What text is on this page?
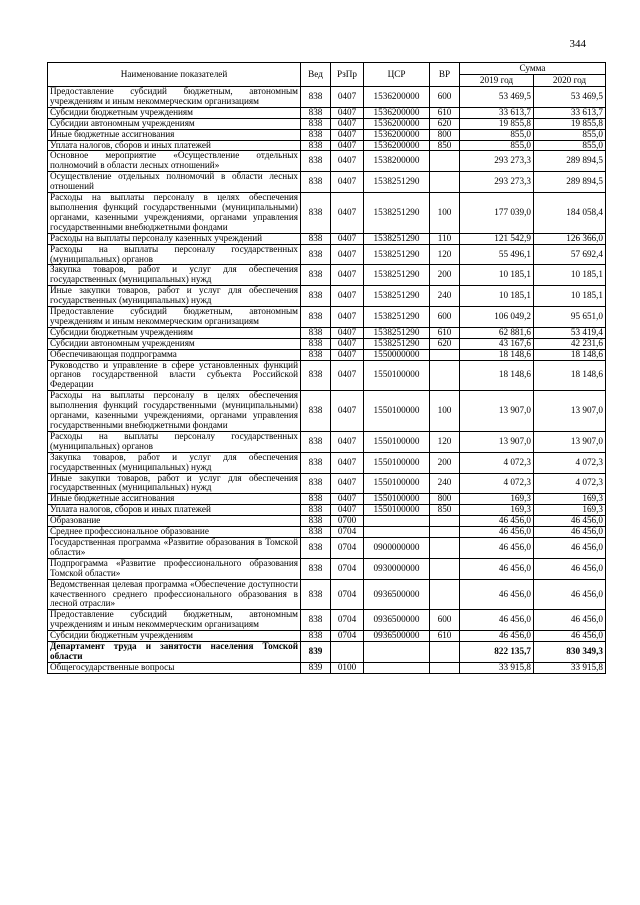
344
Наименование показателей	Вед	РзПр	ЦСР	ВР	Сумма	
					2019 год	2020 год
Предоставление субсидий бюджетным, автономным учреждениям и иным некоммерческим организациям	838	0407	1536200000	600	53 469,5	53 469,5
Субсидии бюджетным учреждениям	838	0407	1536200000	610	33 613,7	33 613,7
Субсидии автономным учреждениям	838	0407	1536200000	620	19 855,8	19 855,8
Иные бюджетные ассигнования	838	0407	1536200000	800	855,0	855,0
Уплата налогов, сборов и иных платежей	838	0407	1536200000	850	855,0	855,0
Основное мероприятие «Осуществление отдельных полномочий в области лесных отношений»	838	0407	1538200000		293 273,3	289 894,5
Осуществление отдельных полномочий в области лесных отношений	838	0407	1538251290		293 273,3	289 894,5
Расходы на выплаты персоналу в целях обеспечения выполнения функций государственными (муниципальными) органами, казенными учреждениями, органами управления государственными внебюджетными фондами	838	0407	1538251290	100	177 039,0	184 058,4
Расходы на выплаты персоналу казенных учреждений	838	0407	1538251290	110	121 542,9	126 366,0
Расходы на выплаты персоналу государственных (муниципальных) органов	838	0407	1538251290	120	55 496,1	57 692,4
Закупка товаров, работ и услуг для обеспечения государственных (муниципальных) нужд	838	0407	1538251290	200	10 185,1	10 185,1
Иные закупки товаров, работ и услуг для обеспечения государственных (муниципальных) нужд	838	0407	1538251290	240	10 185,1	10 185,1
Предоставление субсидий бюджетным, автономным учреждениям и иным некоммерческим организациям	838	0407	1538251290	600	106 049,2	95 651,0
Субсидии бюджетным учреждениям	838	0407	1538251290	610	62 881,6	53 419,4
Субсидии автономным учреждениям	838	0407	1538251290	620	43 167,6	42 231,6
Обеспечивающая подпрограмма	838	0407	1550000000		18 148,6	18 148,6
Руководство и управление в сфере установленных функций органов государственной власти субъекта Российской Федерации	838	0407	1550100000		18 148,6	18 148,6
Расходы на выплаты персоналу в целях обеспечения выполнения функций государственными (муниципальными) органами, казенными учреждениями, органами управления государственными внебюджетными фондами	838	0407	1550100000	100	13 907,0	13 907,0
Расходы на выплаты персоналу государственных (муниципальных) органов	838	0407	1550100000	120	13 907,0	13 907,0
Закупка товаров, работ и услуг для обеспечения государственных (муниципальных) нужд	838	0407	1550100000	200	4 072,3	4 072,3
Иные закупки товаров, работ и услуг для обеспечения государственных (муниципальных) нужд	838	0407	1550100000	240	4 072,3	4 072,3
Иные бюджетные ассигнования	838	0407	1550100000	800	169,3	169,3
Уплата налогов, сборов и иных платежей	838	0407	1550100000	850	169,3	169,3
Образование	838	0700			46 456,0	46 456,0
Среднее профессиональное образование	838	0704			46 456,0	46 456,0
Государственная программа «Развитие образования в Томской области»	838	0704	0900000000		46 456,0	46 456,0
Подпрограмма «Развитие профессионального образования Томской области»	838	0704	0930000000		46 456,0	46 456,0
Ведомственная целевая программа «Обеспечение доступности качественного среднего профессионального образования в лесной отрасли»	838	0704	0936500000		46 456,0	46 456,0
Предоставление субсидий бюджетным, автономным учреждениям и иным некоммерческим организациям	838	0704	0936500000	600	46 456,0	46 456,0
Субсидии бюджетным учреждениям	838	0704	0936500000	610	46 456,0	46 456,0
Департамент труда и занятости населения Томской области	839				822 135,7	830 349,3
Общегосударственные вопросы	839	0100			33 915,8	33 915,8
